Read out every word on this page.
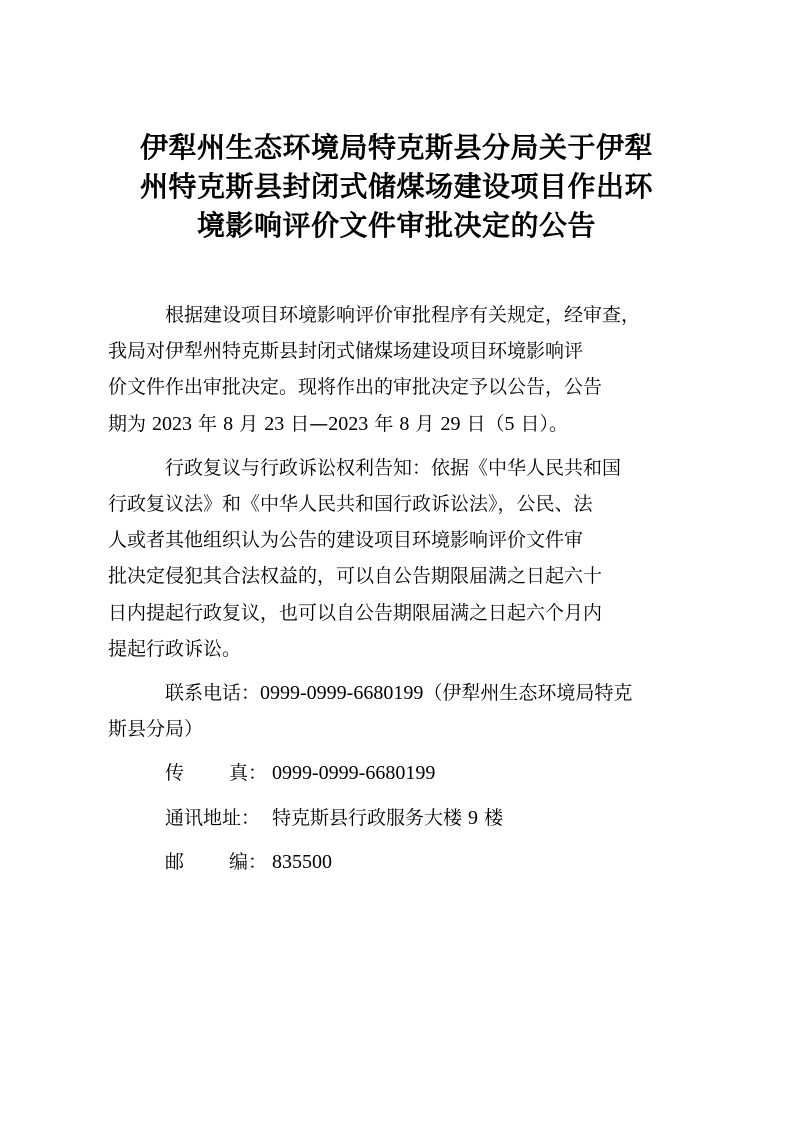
伊犁州生态环境局特克斯县分局关于伊犁
州特克斯县封闭式储煤场建设项目作出环
境影响评价文件审批决定的公告
根据建设项目环境影响评价审批程序有关规定，经审查，
我局对伊犁州特克斯县封闭式储煤场建设项目环境影响评
价文件作出审批决定。现将作出的审批决定予以公告，公告
期为 2023 年 8 月 23 日—2023 年 8 月 29 日（5 日）。
行政复议与行政诉讼权利告知：依据《中华人民共和国
行政复议法》和《中华人民共和国行政诉讼法》，公民、法
人或者其他组织认为公告的建设项目环境影响评价文件审
批决定侵犯其合法权益的，可以自公告期限届满之日起六十
日内提起行政复议，也可以自公告期限届满之日起六个月内
提起行政诉讼。
联系电话：0999-0999-6680199（伊犁州生态环境局特克
斯县分局）
传 真： 0999-0999-6680199
通讯地址： 特克斯县行政服务大楼 9 楼
邮 编： 835500
